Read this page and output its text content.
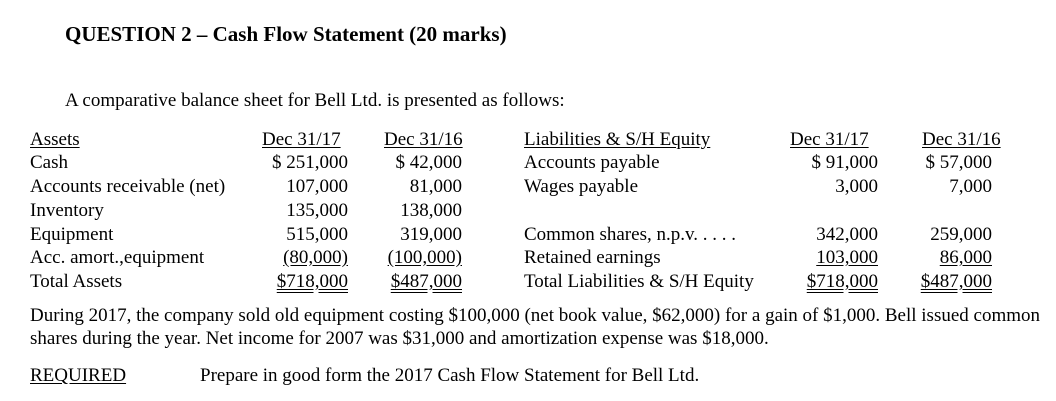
QUESTION 2 – Cash Flow Statement (20 marks)
A comparative balance sheet for Bell Ltd. is presented as follows:
Assets	Dec 31/17 Dec 31/16
Cash	$ 251,000	$ 42,000
Accounts receivable (net)	107,000	81,000
Inventory	135,000	138,000
Equipment	515,000	319,000
Acc. amort.,equipment	(80,000) (100,000)
Total Assets	$718,000 $487,000
Liabilities & S/H Equity	Dec 31/17	Dec 31/16
Accounts payable	$ 91,000	$ 57,000
Wages payable	3,000	7,000
Common shares, n.p.v. . . . .	342,000	259,000
Retained earnings	103,000	86,000
Total Liabilities & S/H Equity	$718,000 $487,000
During 2017, the company sold old equipment costing $100,000 (net book value, $62,000) for a gain of $1,000. Bell issued common shares during the year. Net income for 2007 was $31,000 and amortization expense was $18,000.
REQUIRED	Prepare in good form the 2017 Cash Flow Statement for Bell Ltd.
